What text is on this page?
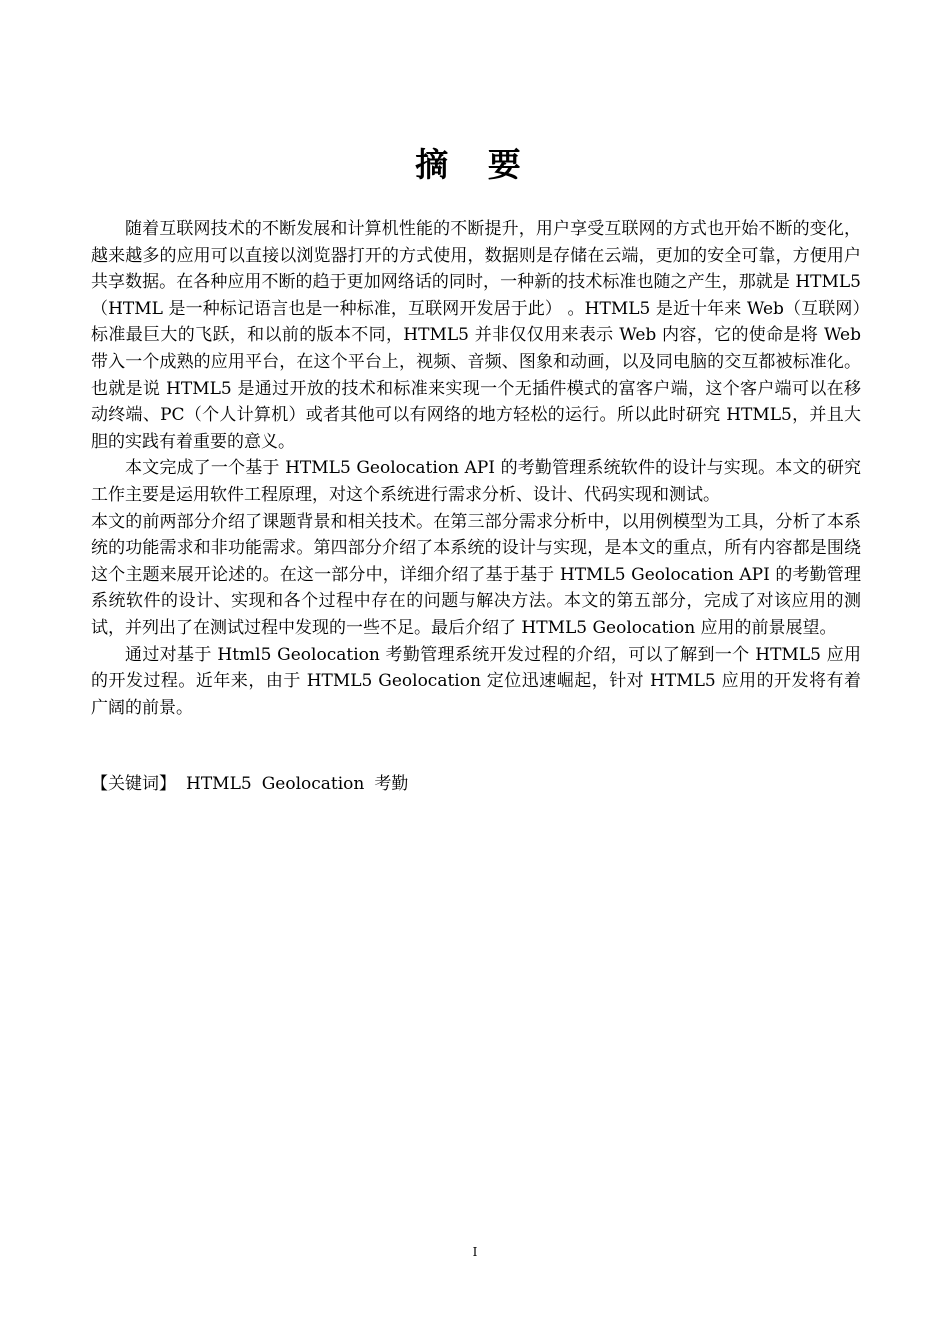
摘 要

随着互联网技术的不断发展和计算机性能的不断提升，用户享受互联网的方式也开始不断的变化，越来越多的应用可以直接以浏览器打开的方式使用，数据则是存储在云端，更加的安全可靠，方便用户共享数据。在各种应用不断的趋于更加网络话的同时，一种新的技术标准也随之产生，那就是 HTML5（HTML 是一种标记语言也是一种标准，互联网开发居于此） 。HTML5 是近十年来 Web（互联网）标准最巨大的飞跃，和以前的版本不同，HTML5 并非仅仅用来表示 Web 内容，它的使命是将 Web 带入一个成熟的应用平台，在这个平台上，视频、音频、图象和动画，以及同电脑的交互都被标准化。也就是说 HTML5 是通过开放的技术和标准来实现一个无插件模式的富客户端，这个客户端可以在移动终端、PC（个人计算机）或者其他可以有网络的地方轻松的运行。所以此时研究 HTML5，并且大胆的实践有着重要的意义。

本文完成了一个基于 HTML5 Geolocation API 的考勤管理系统软件的设计与实现。本文的研究工作主要是运用软件工程原理，对这个系统进行需求分析、设计、代码实现和测试。

本文的前两部分介绍了课题背景和相关技术。在第三部分需求分析中，以用例模型为工具，分析了本系统的功能需求和非功能需求。第四部分介绍了本系统的设计与实现，是本文的重点，所有内容都是围绕这个主题来展开论述的。在这一部分中，详细介绍了基于基于 HTML5 Geolocation API 的考勤管理系统软件的设计、实现和各个过程中存在的问题与解决方法。本文的第五部分，完成了对该应用的测试，并列出了在测试过程中发现的一些不足。最后介绍了 HTML5 Geolocation 应用的前景展望。

通过对基于 Html5 Geolocation 考勤管理系统开发过程的介绍，可以了解到一个 HTML5 应用的开发过程。近年来，由于 HTML5 Geolocation 定位迅速崛起，针对 HTML5 应用的开发将有着广阔的前景。

【关键词】 HTML5 Geolocation 考勤
I
